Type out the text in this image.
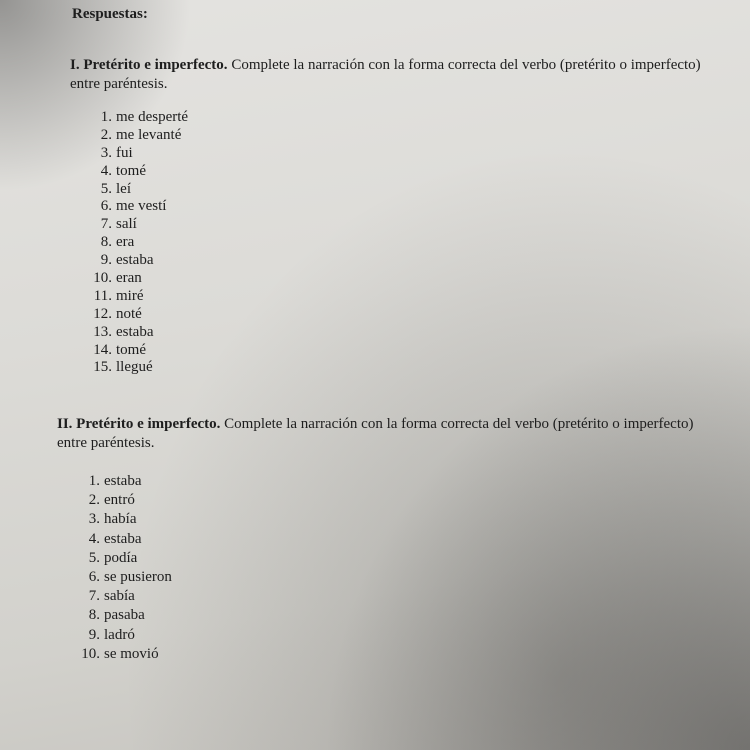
Respuestas:
I. Pretérito e imperfecto. Complete la narración con la forma correcta del verbo (pretérito o imperfecto) entre paréntesis.
1. me desperté
2. me levanté
3. fui
4. tomé
5. leí
6. me vestí
7. salí
8. era
9. estaba
10. eran
11. miré
12. noté
13. estaba
14. tomé
15. llegué
II. Pretérito e imperfecto. Complete la narración con la forma correcta del verbo (pretérito o imperfecto) entre paréntesis.
1. estaba
2. entró
3. había
4. estaba
5. podía
6. se pusieron
7. sabía
8. pasaba
9. ladró
10. se movió
